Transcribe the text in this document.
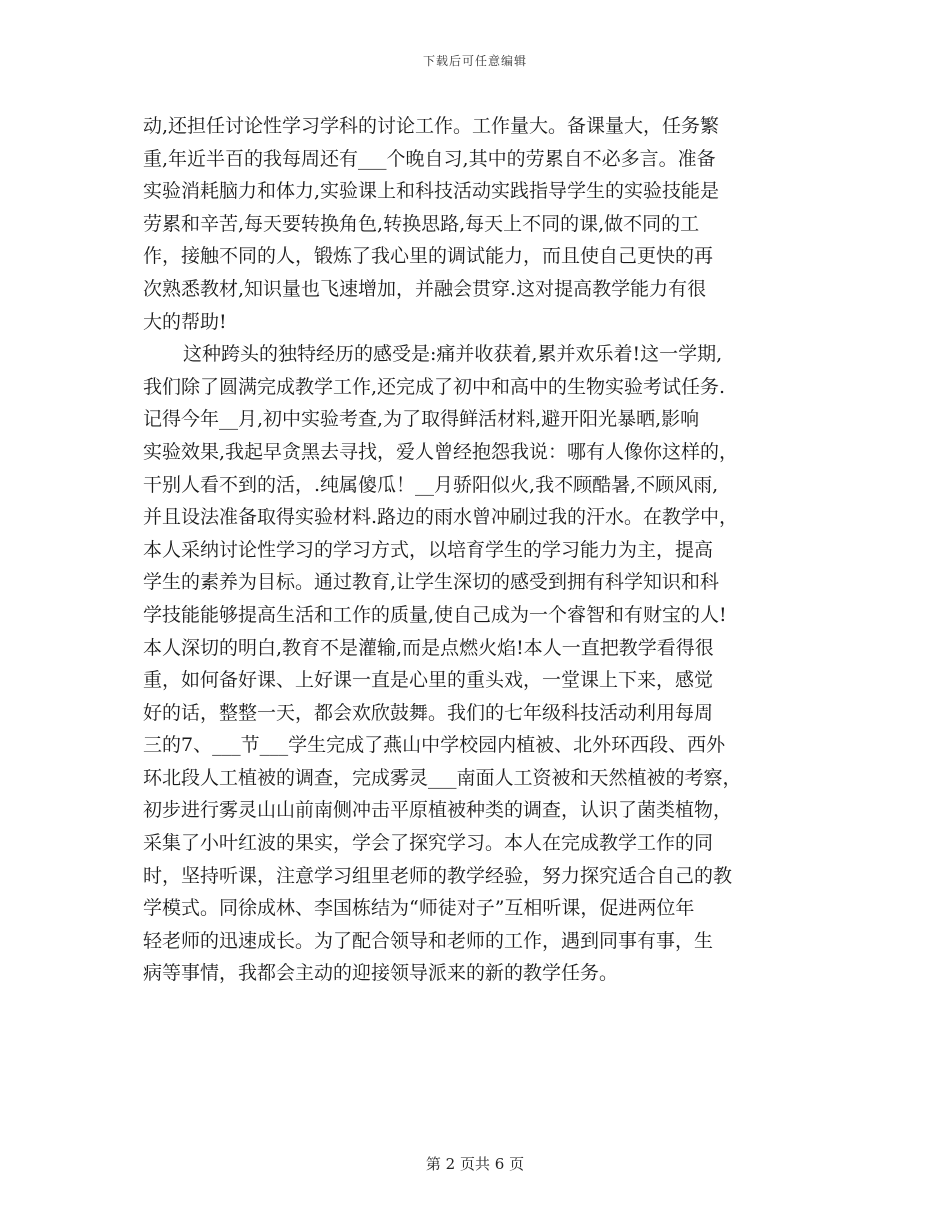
下载后可任意编辑
动,还担任讨论性学习学科的讨论工作。工作量大。备课量大，任务繁
重,年近半百的我每周还有___个晚自习,其中的劳累自不必多言。准备
实验消耗脑力和体力,实验课上和科技活动实践指导学生的实验技能是
劳累和辛苦,每天要转换角色,转换思路,每天上不同的课,做不同的工
作，接触不同的人，锻炼了我心里的调试能力，而且使自己更快的再
次熟悉教材,知识量也飞速增加，并融会贯穿.这对提高教学能力有很
大的帮助!
这种跨头的独特经历的感受是:痛并收获着,累并欢乐着!这一学期,
我们除了圆满完成教学工作,还完成了初中和高中的生物实验考试任务.
记得今年__月,初中实验考查,为了取得鲜活材料,避开阳光暴晒,影响
实验效果,我起早贪黑去寻找，爱人曾经抱怨我说：哪有人像你这样的，
干别人看不到的活，.纯属傻瓜！__月骄阳似火,我不顾酷暑,不顾风雨,
并且设法准备取得实验材料.路边的雨水曾冲刷过我的汗水。在教学中，
本人采纳讨论性学习的学习方式，以培育学生的学习能力为主，提高
学生的素养为目标。通过教育,让学生深切的感受到拥有科学知识和科
学技能能够提高生活和工作的质量,使自己成为一个睿智和有财宝的人!
本人深切的明白,教育不是灌输,而是点燃火焰!本人一直把教学看得很
重，如何备好课、上好课一直是心里的重头戏，一堂课上下来，感觉
好的话，整整一天，都会欢欣鼓舞。我们的七年级科技活动利用每周
三的7、___节___学生完成了燕山中学校园内植被、北外环西段、西外
环北段人工植被的调查，完成雾灵___南面人工资被和天然植被的考察，
初步进行雾灵山山前南侧冲击平原植被种类的调查，认识了菌类植物，
采集了小叶红波的果实，学会了探究学习。本人在完成教学工作的同
时，坚持听课，注意学习组里老师的教学经验，努力探究适合自己的教
学模式。同徐成林、李国栋结为“师徒对子”互相听课，促进两位年
轻老师的迅速成长。为了配合领导和老师的工作，遇到同事有事，生
病等事情，我都会主动的迎接领导派来的新的教学任务。
第 2 页共 6 页
